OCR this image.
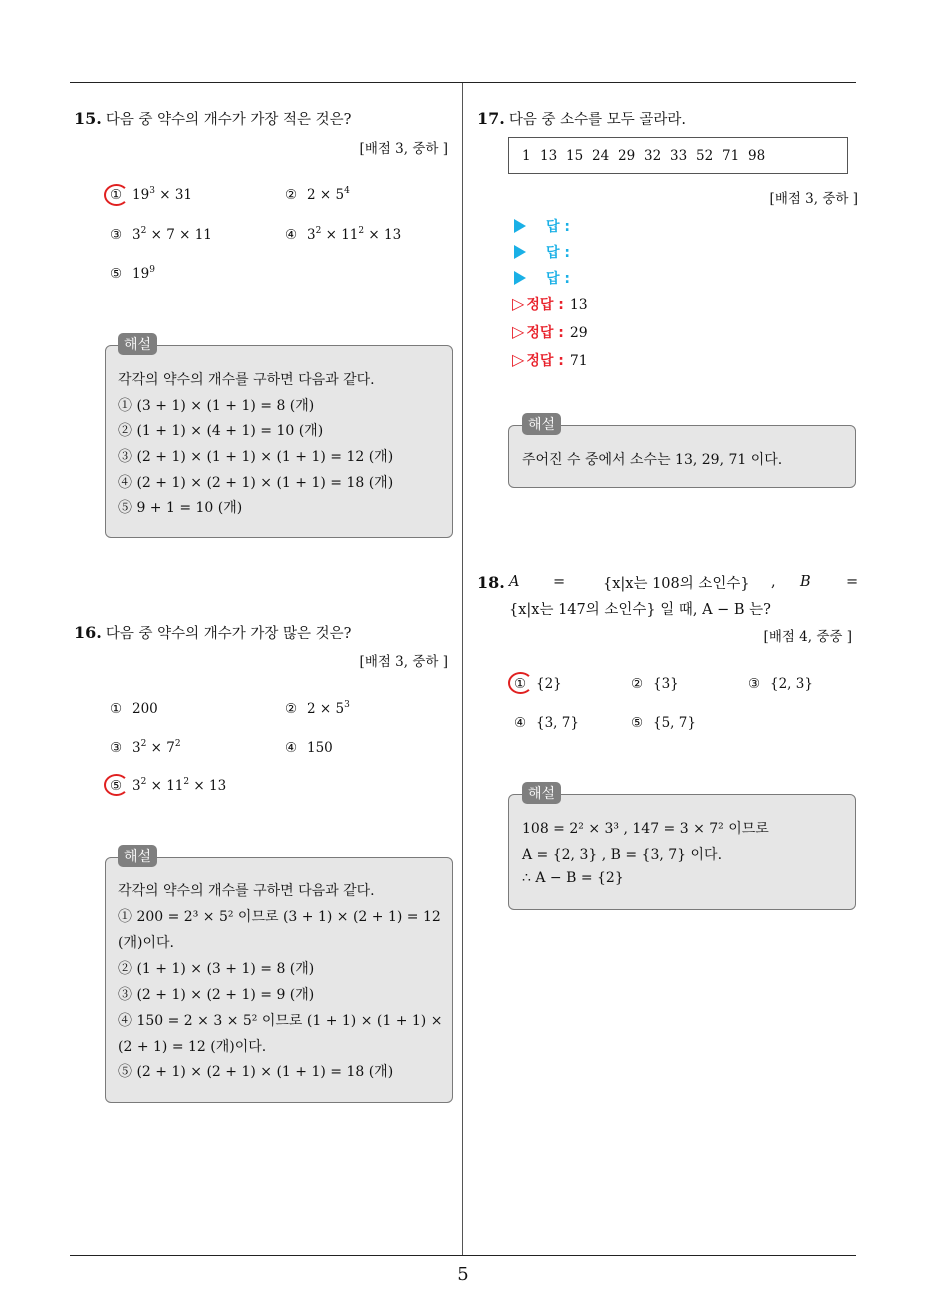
15. 다음 중 약수의 개수가 가장 적은 것은?
[배점 3, 중하 ]
① $19^3 \times 31$	② $2 \times 5^4$
③ $3^2 \times 7 \times 11$	④ $3^2 \times 11^2 \times 13$
⑤ $19^9$
해설
각각의 약수의 개수를 구하면 다음과 같다.
① (3 + 1) × (1 + 1) = 8 (개)
② (1 + 1) × (4 + 1) = 10 (개)
③ (2 + 1) × (1 + 1) × (1 + 1) = 12 (개)
④ (2 + 1) × (2 + 1) × (1 + 1) = 18 (개)
⑤ 9 + 1 = 10 (개)
16. 다음 중 약수의 개수가 가장 많은 것은?
[배점 3, 중하 ]
① 200	② $2 \times 5^3$
③ $3^2 \times 7^2$	④ 150
⑤ $3^2 \times 11^2 \times 13$
해설
각각의 약수의 개수를 구하면 다음과 같다.
① 200 = 2³ × 5² 이므로 (3 + 1) × (2 + 1) = 12
(개)이다.
② (1 + 1) × (3 + 1) = 8 (개)
③ (2 + 1) × (2 + 1) = 9 (개)
④ 150 = 2 × 3 × 5² 이므로 (1 + 1) × (1 + 1) ×
(2 + 1) = 12 (개)이다.
⑤ (2 + 1) × (2 + 1) × (1 + 1) = 18 (개)
17. 다음 중 소수를 모두 골라라.
1 13 15 24 29 32 33 52 71 98
[배점 3, 중하 ]
답 :
답 :
답 :
▷ 정답 : 13
▷ 정답 : 29
▷ 정답 : 71
해설
주어진 수 중에서 소수는 13, 29, 71 이다.
18. A =	{x|x는 108의 소인수} , B =
{x|x는 147의 소인수} 일 때, A − B 는?
[배점 4, 중중 ]
① {2}	② {3}	③ {2, 3}
④ {3, 7}	⑤ {5, 7}
해설
108 = 2² × 3³ , 147 = 3 × 7² 이므로
A = {2, 3} , B = {3, 7} 이다.
∴ A − B = {2}
5
